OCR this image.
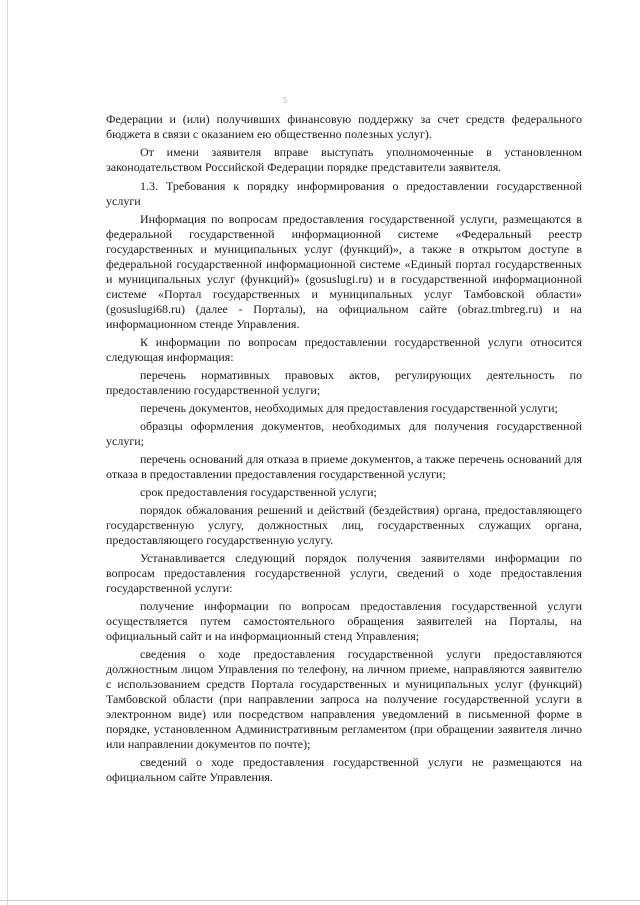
5

Федерации и (или) получивших финансовую поддержку за счет средств федерального бюджета в связи с оказанием ею общественно полезных услуг).

От имени заявителя вправе выступать уполномоченные в установленном законодательством Российской Федерации порядке представители заявителя.

1.3. Требования к порядку информирования о предоставлении государственной услуги

Информация по вопросам предоставления государственной услуги, размещаются в федеральной государственной информационной системе «Федеральный реестр государственных и муниципальных услуг (функций)», а также в открытом доступе в федеральной государственной информационной системе «Единый портал государственных и муниципальных услуг (функций)» (gosuslugi.ru) и в государственной информационной системе «Портал государственных и муниципальных услуг Тамбовской области» (gosuslugi68.ru) (далее - Порталы), на официальном сайте (obraz.tmbreg.ru) и на информационном стенде Управления.

К информации по вопросам предоставлении государственной услуги относится следующая информация:

перечень нормативных правовых актов, регулирующих деятельность по предоставлению государственной услуги;

перечень документов, необходимых для предоставления государственной услуги;

образцы оформления документов, необходимых для получения государственной услуги;

перечень оснований для отказа в приеме документов, а также перечень оснований для отказа в предоставлении предоставления государственной услуги;

срок предоставления государственной услуги;

порядок обжалования решений и действий (бездействия) органа, предоставляющего государственную услугу, должностных лиц, государственных служащих органа, предоставляющего государственную услугу.

Устанавливается следующий порядок получения заявителями информации по вопросам предоставления государственной услуги, сведений о ходе предоставления государственной услуги:

получение информации по вопросам предоставления государственной услуги осуществляется путем самостоятельного обращения заявителей на Порталы, на официальный сайт и на информационный стенд Управления;

сведения о ходе предоставления государственной услуги предоставляются должностным лицом Управления по телефону, на личном приеме, направляются заявителю с использованием средств Портала государственных и муниципальных услуг (функций) Тамбовской области (при направлении запроса на получение государственной услуги в электронном виде) или посредством направления уведомлений в письменной форме в порядке, установленном Административным регламентом (при обращении заявителя лично или направлении документов по почте);

сведений о ходе предоставления государственной услуги не размещаются на официальном сайте Управления.
